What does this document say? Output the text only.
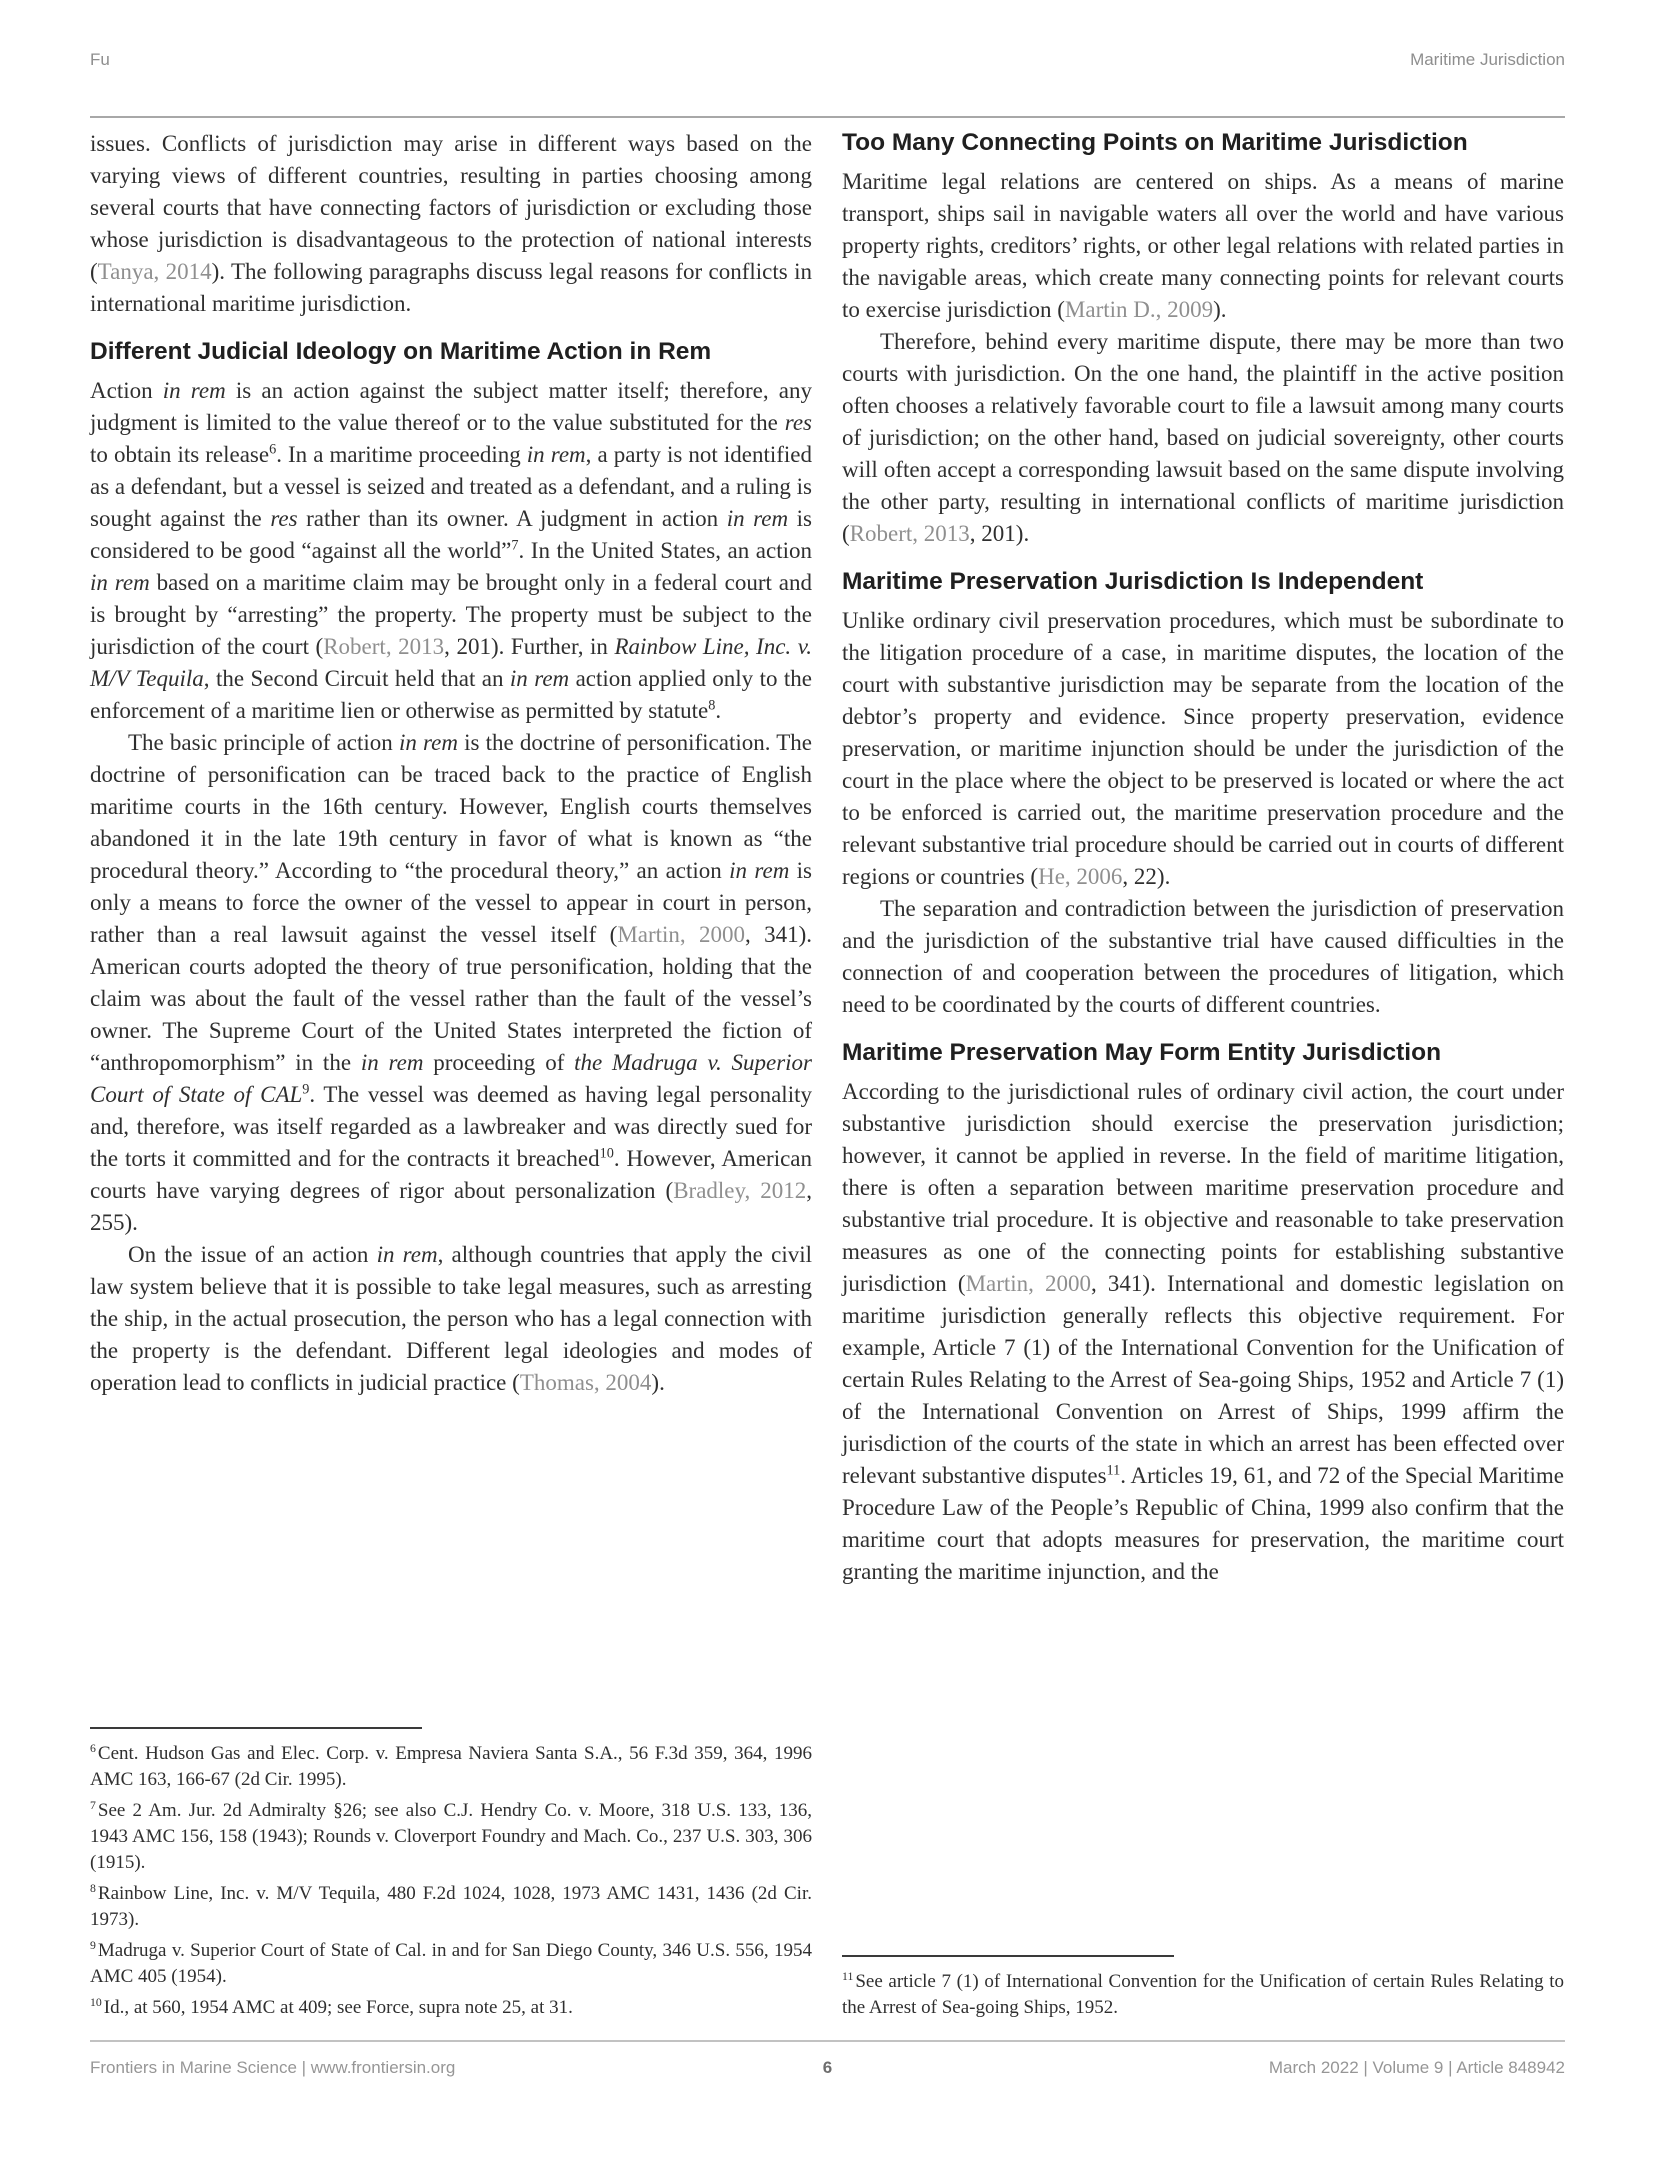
Fu	Maritime Jurisdiction

issues. Conflicts of jurisdiction may arise in different ways based on the varying views of different countries, resulting in parties choosing among several courts that have connecting factors of jurisdiction or excluding those whose jurisdiction is disadvantageous to the protection of national interests (Tanya, 2014). The following paragraphs discuss legal reasons for conflicts in international maritime jurisdiction.

Different Judicial Ideology on Maritime Action in Rem

Action in rem is an action against the subject matter itself; therefore, any judgment is limited to the value thereof or to the value substituted for the res to obtain its release$^6$. In a maritime proceeding in rem, a party is not identified as a defendant, but a vessel is seized and treated as a defendant, and a ruling is sought against the res rather than its owner. A judgment in action in rem is considered to be good “against all the world”$^7$. In the United States, an action in rem based on a maritime claim may be brought only in a federal court and is brought by “arresting” the property. The property must be subject to the jurisdiction of the court (Robert, 2013, 201). Further, in Rainbow Line, Inc. v. M/V Tequila, the Second Circuit held that an in rem action applied only to the enforcement of a maritime lien or otherwise as permitted by statute$^8$.

The basic principle of action in rem is the doctrine of personification. The doctrine of personification can be traced back to the practice of English maritime courts in the 16th century. However, English courts themselves abandoned it in the late 19th century in favor of what is known as “the procedural theory.” According to “the procedural theory,” an action in rem is only a means to force the owner of the vessel to appear in court in person, rather than a real lawsuit against the vessel itself (Martin, 2000, 341). American courts adopted the theory of true personification, holding that the claim was about the fault of the vessel rather than the fault of the vessel’s owner. The Supreme Court of the United States interpreted the fiction of “anthropomorphism” in the in rem proceeding of the Madruga v. Superior Court of State of CAL$^9$. The vessel was deemed as having legal personality and, therefore, was itself regarded as a lawbreaker and was directly sued for the torts it committed and for the contracts it breached$^{10}$. However, American courts have varying degrees of rigor about personalization (Bradley, 2012, 255).

On the issue of an action in rem, although countries that apply the civil law system believe that it is possible to take legal measures, such as arresting the ship, in the actual prosecution, the person who has a legal connection with the property is the defendant. Different legal ideologies and modes of operation lead to conflicts in judicial practice (Thomas, 2004).

$^6$ Cent. Hudson Gas and Elec. Corp. v. Empresa Naviera Santa S.A., 56 F.3d 359, 364, 1996 AMC 163, 166-67 (2d Cir. 1995).

$^7$ See 2 Am. Jur. 2d Admiralty §26; see also C.J. Hendry Co. v. Moore, 318 U.S. 133, 136, 1943 AMC 156, 158 (1943); Rounds v. Cloverport Foundry and Mach. Co., 237 U.S. 303, 306 (1915).

$^8$ Rainbow Line, Inc. v. M/V Tequila, 480 F.2d 1024, 1028, 1973 AMC 1431, 1436 (2d Cir. 1973).

$^9$ Madruga v. Superior Court of State of Cal. in and for San Diego County, 346 U.S. 556, 1954 AMC 405 (1954).

$^{10}$ Id., at 560, 1954 AMC at 409; see Force, supra note 25, at 31.

Too Many Connecting Points on Maritime Jurisdiction

Maritime legal relations are centered on ships. As a means of marine transport, ships sail in navigable waters all over the world and have various property rights, creditors’ rights, or other legal relations with related parties in the navigable areas, which create many connecting points for relevant courts to exercise jurisdiction (Martin D., 2009).

Therefore, behind every maritime dispute, there may be more than two courts with jurisdiction. On the one hand, the plaintiff in the active position often chooses a relatively favorable court to file a lawsuit among many courts of jurisdiction; on the other hand, based on judicial sovereignty, other courts will often accept a corresponding lawsuit based on the same dispute involving the other party, resulting in international conflicts of maritime jurisdiction (Robert, 2013, 201).

Maritime Preservation Jurisdiction Is Independent

Unlike ordinary civil preservation procedures, which must be subordinate to the litigation procedure of a case, in maritime disputes, the location of the court with substantive jurisdiction may be separate from the location of the debtor’s property and evidence. Since property preservation, evidence preservation, or maritime injunction should be under the jurisdiction of the court in the place where the object to be preserved is located or where the act to be enforced is carried out, the maritime preservation procedure and the relevant substantive trial procedure should be carried out in courts of different regions or countries (He, 2006, 22).

The separation and contradiction between the jurisdiction of preservation and the jurisdiction of the substantive trial have caused difficulties in the connection of and cooperation between the procedures of litigation, which need to be coordinated by the courts of different countries.

Maritime Preservation May Form Entity Jurisdiction

According to the jurisdictional rules of ordinary civil action, the court under substantive jurisdiction should exercise the preservation jurisdiction; however, it cannot be applied in reverse. In the field of maritime litigation, there is often a separation between maritime preservation procedure and substantive trial procedure. It is objective and reasonable to take preservation measures as one of the connecting points for establishing substantive jurisdiction (Martin, 2000, 341). International and domestic legislation on maritime jurisdiction generally reflects this objective requirement. For example, Article 7 (1) of the International Convention for the Unification of certain Rules Relating to the Arrest of Sea-going Ships, 1952 and Article 7 (1) of the International Convention on Arrest of Ships, 1999 affirm the jurisdiction of the courts of the state in which an arrest has been effected over relevant substantive disputes$^{11}$. Articles 19, 61, and 72 of the Special Maritime Procedure Law of the People’s Republic of China, 1999 also confirm that the maritime court that adopts measures for preservation, the maritime court granting the maritime injunction, and the

$^{11}$ See article 7 (1) of International Convention for the Unification of certain Rules Relating to the Arrest of Sea-going Ships, 1952.

Frontiers in Marine Science | www.frontiersin.org	6	March 2022 | Volume 9 | Article 848942
